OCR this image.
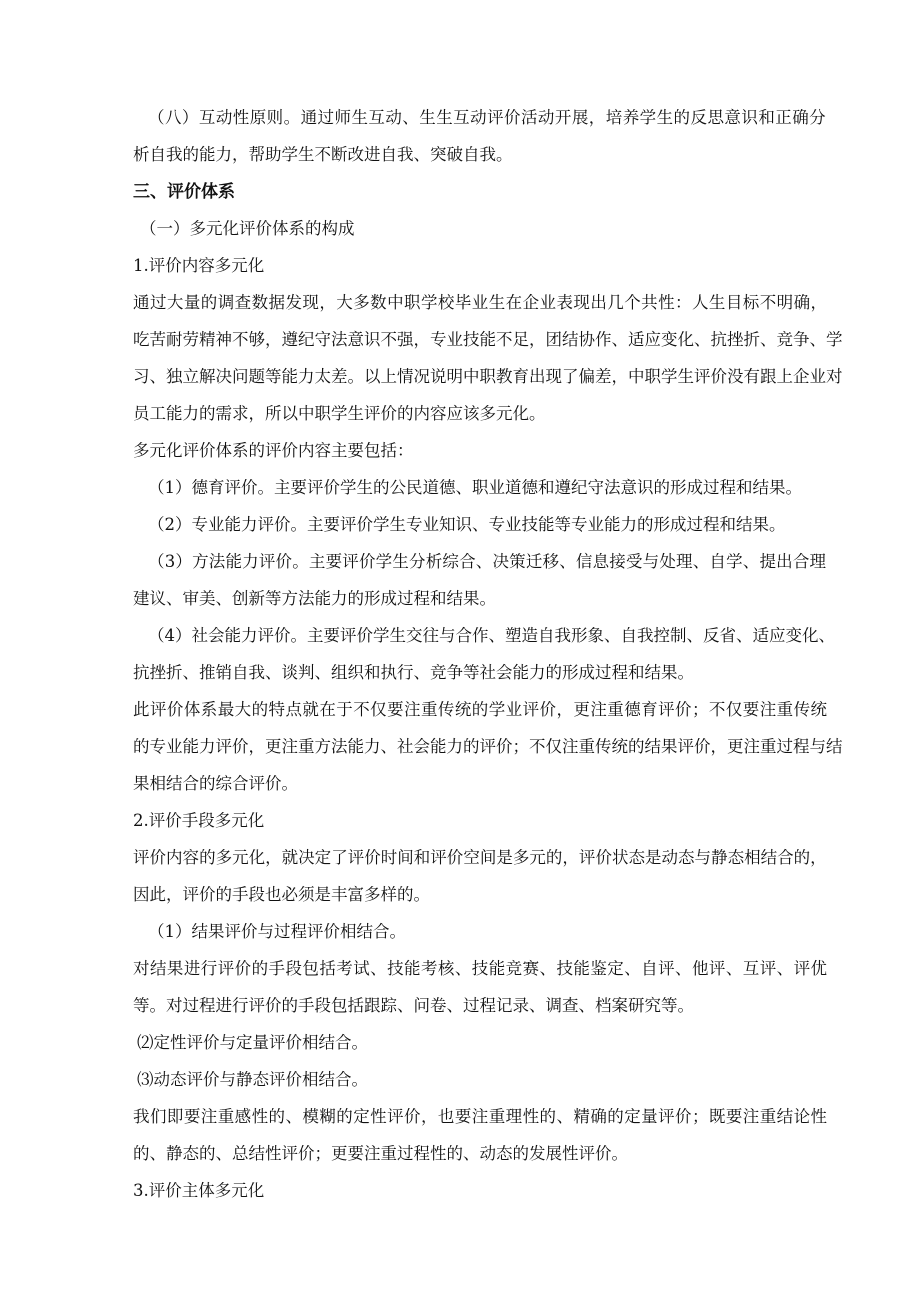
（ 八 ） 互 动 性 原 则 。 通 过 师 生 互 动 、 生 生 互 动 评 价 活 动 开 展 ， 培 养 学 生 的 反 思 意 识 和 正 确 分
析自我的能力，帮助学生不断改进自我、突破自我。
三、评价体系
（一）多元化评价体系的构成
1.评价内容多元化
通 过 大 量 的 调 查 数 据 发 现 ， 大 多 数 中 职 学 校 毕 业 生 在 企 业 表 现 出 几 个 共 性 ： 人 生 目 标 不 明 确 ，
吃 苦 耐 劳 精 神 不 够 ， 遵 纪 守 法 意 识 不 强 ， 专 业 技 能 不 足 ， 团 结 协 作 、 适 应 变 化 、 抗 挫 折 、 竞 争 、 学
习 、 独 立 解 决 问 题 等 能 力 太 差 。 以 上 情 况 说 明 中 职 教 育 出 现 了 偏 差 ， 中 职 学 生 评 价 没 有 跟 上 企 业 对
员工能力的需求，所以中职学生评价的内容应该多元化。
多元化评价体系的评价内容主要包括：
（1）德育评价。主要评价学生的公民道德、职业道德和遵纪守法意识的形成过程和结果。
（2）专业能力评价。主要评价学生专业知识、专业技能等专业能力的形成过程和结果。
（ 3 ） 方 法 能 力 评 价 。 主 要 评 价 学 生 分 析 综 合 、 决 策 迁 移 、 信 息 接 受 与 处 理 、 自 学 、 提 出 合 理
建议、审美、创新等方法能力的形成过程和结果。
（ 4 ） 社 会 能 力 评 价 。 主 要 评 价 学 生 交 往 与 合 作 、 塑 造 自 我 形 象 、 自 我 控 制 、 反 省 、 适 应 变 化 、
抗挫折、推销自我、谈判、组织和执行、竞争等社会能力的形成过程和结果。
此 评 价 体 系 最 大 的 特 点 就 在 于 不 仅 要 注 重 传 统 的 学 业 评 价 ， 更 注 重 德 育 评 价 ； 不 仅 要 注 重 传 统
的 专 业 能 力 评 价 ， 更 注 重 方 法 能 力 、 社 会 能 力 的 评 价 ； 不 仅 注 重 传 统 的 结 果 评 价 ， 更 注 重 过 程 与 结
果相结合的综合评价。
2.评价手段多元化
评 价 内 容 的 多 元 化 ， 就 决 定 了 评 价 时 间 和 评 价 空 间 是 多 元 的 ， 评 价 状 态 是 动 态 与 静 态 相 结 合 的 ，
因此，评价的手段也必须是丰富多样的。
（1）结果评价与过程评价相结合。
对 结 果 进 行 评 价 的 手 段 包 括 考 试 、 技 能 考 核 、 技 能 竞 赛 、 技 能 鉴 定 、 自 评 、 他 评 、 互 评 、 评 优
等。对过程进行评价的手段包括跟踪、问卷、过程记录、调查、档案研究等。
⑵定性评价与定量评价相结合。
⑶动态评价与静态评价相结合。
我 们 即 要 注 重 感 性 的 、 模 糊 的 定 性 评 价 ， 也 要 注 重 理 性 的 、 精 确 的 定 量 评 价 ； 既 要 注 重 结 论 性
的、静态的、总结性评价；更要注重过程性的、动态的发展性评价。
3.评价主体多元化
